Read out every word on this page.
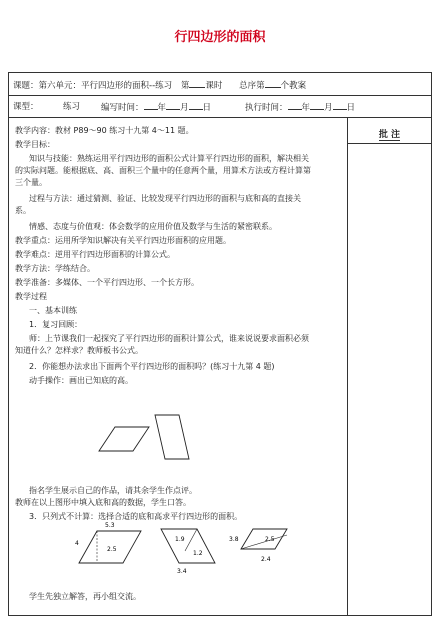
行四边形的面积
课题：第六单元：平行四边形的面积--练习 第 课时 总序第 个教案
课型：	练习 编写时间： 年 月 日	执行时间： 年 月 日
教学内容：教材 P89～90 练习十九第 4～11 题。
教学目标：
知识与技能：熟练运用平行四边形的面积公式计算平行四边形的面积，解决相关
的实际问题。能根据底、高、面积三个量中的任意两个量，用算术方法或方程计算第
三个量。
过程与方法：通过猜测、验证、比较发现平行四边形的面积与底和高的直接关
系。
情感、态度与价值观：体会数学的应用价值及数学与生活的紧密联系。
教学重点：运用所学知识解决有关平行四边形面积的应用题。
教学难点：逆用平行四边形面积的计算公式。
教学方法：学练结合。
教学准备：多媒体、一个平行四边形、一个长方形。
教学过程
一、基本训练
1．复习回顾：
师：上节课我们一起探究了平行四边形的面积计算公式，谁来说说要求面积必须
知道什么？怎样求？教师板书公式。
2．你能想办法求出下面两个平行四边形的面积吗？(练习十九第 4 题)
动手操作：画出已知底的高。
指名学生展示自己的作品，请其余学生作点评。
教师在以上图形中填入底和高的数据，学生口答。
3．只列式不计算：选择合适的底和高求平行四边形的面积。
5.3
4
2.5
1.9
1.2
3.4
3.8	2.5
2.4
学生先独立解答，再小组交流。
批 注
